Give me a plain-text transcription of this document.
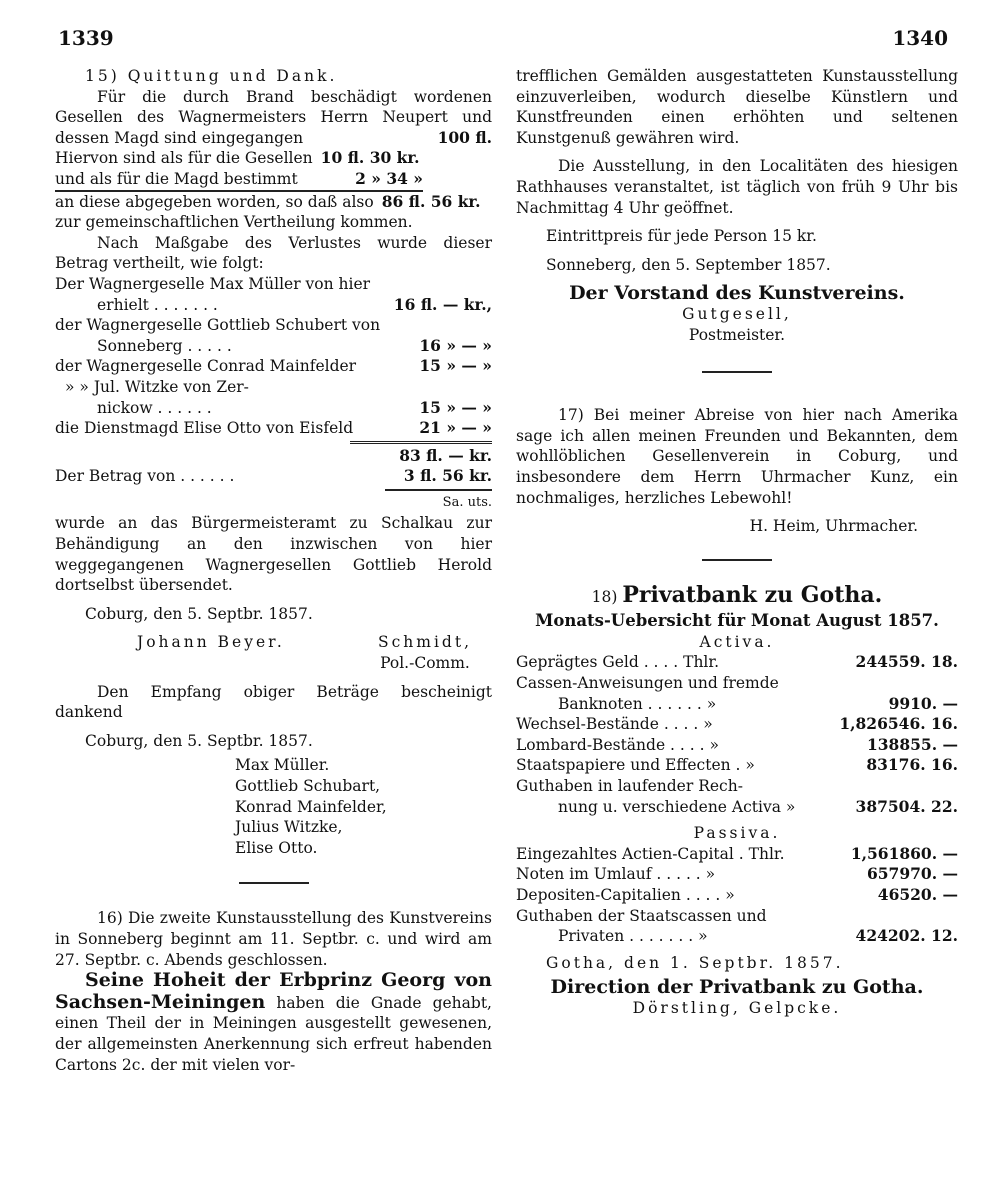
1339	1340

15) Quittung und Dank.

Für die durch Brand beschädigt wordenen Gesellen des Wagnermeisters Herrn Neupert und dessen Magd sind eingegangen	100 fl.

Hiervon sind als für die Gesellen 10 fl. 30 kr.
und als für die Magd bestimmt	2 » 34 »
an diese abgegeben worden, so daß also 86 fl. 56 kr.

zur gemeinschaftlichen Vertheilung kommen.

Nach Maßgabe des Verlustes wurde dieser Betrag vertheilt, wie folgt:

Der Wagnergeselle Max Müller von hier
erhielt . . . . . . .	16 fl. — kr.,
der Wagnergeselle Gottlieb Schubert von
Sonneberg . . . . .	16 » — »
der Wagnergeselle Conrad Mainfelder	15 » — »
» » Jul. Witzke von Zer-
nickow . . . . . .	15 » — »
die Dienstmagd Elise Otto von Eisfeld	21 » — »
83 fl. — kr.
Der Betrag von . . . . . .	3 fl. 56 kr.
Sa. uts.

wurde an das Bürgermeisteramt zu Schalkau zur Behändigung an den inzwischen von hier weggegangenen Wagnergesellen Gottlieb Herold dortselbst übersendet.

Coburg, den 5. Septbr. 1857.

Johann Beyer.	Schmidt,
Pol.-Comm.

Den Empfang obiger Beträge bescheinigt dankend

Coburg, den 5. Septbr. 1857.

Max Müller.
Gottlieb Schubart,
Konrad Mainfelder,
Julius Witzke,
Elise Otto.

16) Die zweite Kunstausstellung des Kunstvereins in Sonneberg beginnt am 11. Septbr. c. und wird am 27. Septbr. c. Abends geschlossen.

Seine Hoheit der Erbprinz Georg von Sachsen-Meiningen haben die Gnade gehabt, einen Theil der in Meiningen ausgestellt gewesenen, der allgemeinsten Anerkennung sich erfreut habenden Cartons 2c. der mit vielen vor-

trefflichen Gemälden ausgestatteten Kunstausstellung einzuverleiben, wodurch dieselbe Künstlern und Kunstfreunden einen erhöhten und seltenen Kunstgenuß gewähren wird.

Die Ausstellung, in den Localitäten des hiesigen Rathhauses veranstaltet, ist täglich von früh 9 Uhr bis Nachmittag 4 Uhr geöffnet.

Eintrittpreis für jede Person 15 kr.

Sonneberg, den 5. September 1857.

Der Vorstand des Kunstvereins.

Gutgesell,

Postmeister.

17) Bei meiner Abreise von hier nach Amerika sage ich allen meinen Freunden und Bekannten, dem wohllöblichen Gesellenverein in Coburg, und insbesondere dem Herrn Uhrmacher Kunz, ein nochmaliges, herzliches Lebewohl!

H. Heim, Uhrmacher.

18) Privatbank zu Gotha.

Monats-Uebersicht für Monat August 1857.

Activa.

Geprägtes Geld . . . . Thlr.	244559. 18.
Cassen-Anweisungen und fremde
Banknoten . . . . . . »	9910. —
Wechsel-Bestände . . . . »	1,826546. 16.
Lombard-Bestände . . . . »	138855. —
Staatspapiere und Effecten . »	83176. 16.
Guthaben in laufender Rech-
nung u. verschiedene Activa »	387504. 22.

Passiva.

Eingezahltes Actien-Capital . Thlr.	1,561860. —
Noten im Umlauf . . . . . »	657970. —
Depositen-Capitalien . . . . »	46520. —
Guthaben der Staatscassen und
Privaten . . . . . . . »	424202. 12.

Gotha, den 1. Septbr. 1857.

Direction der Privatbank zu Gotha.

Dörstling, Gelpcke.
